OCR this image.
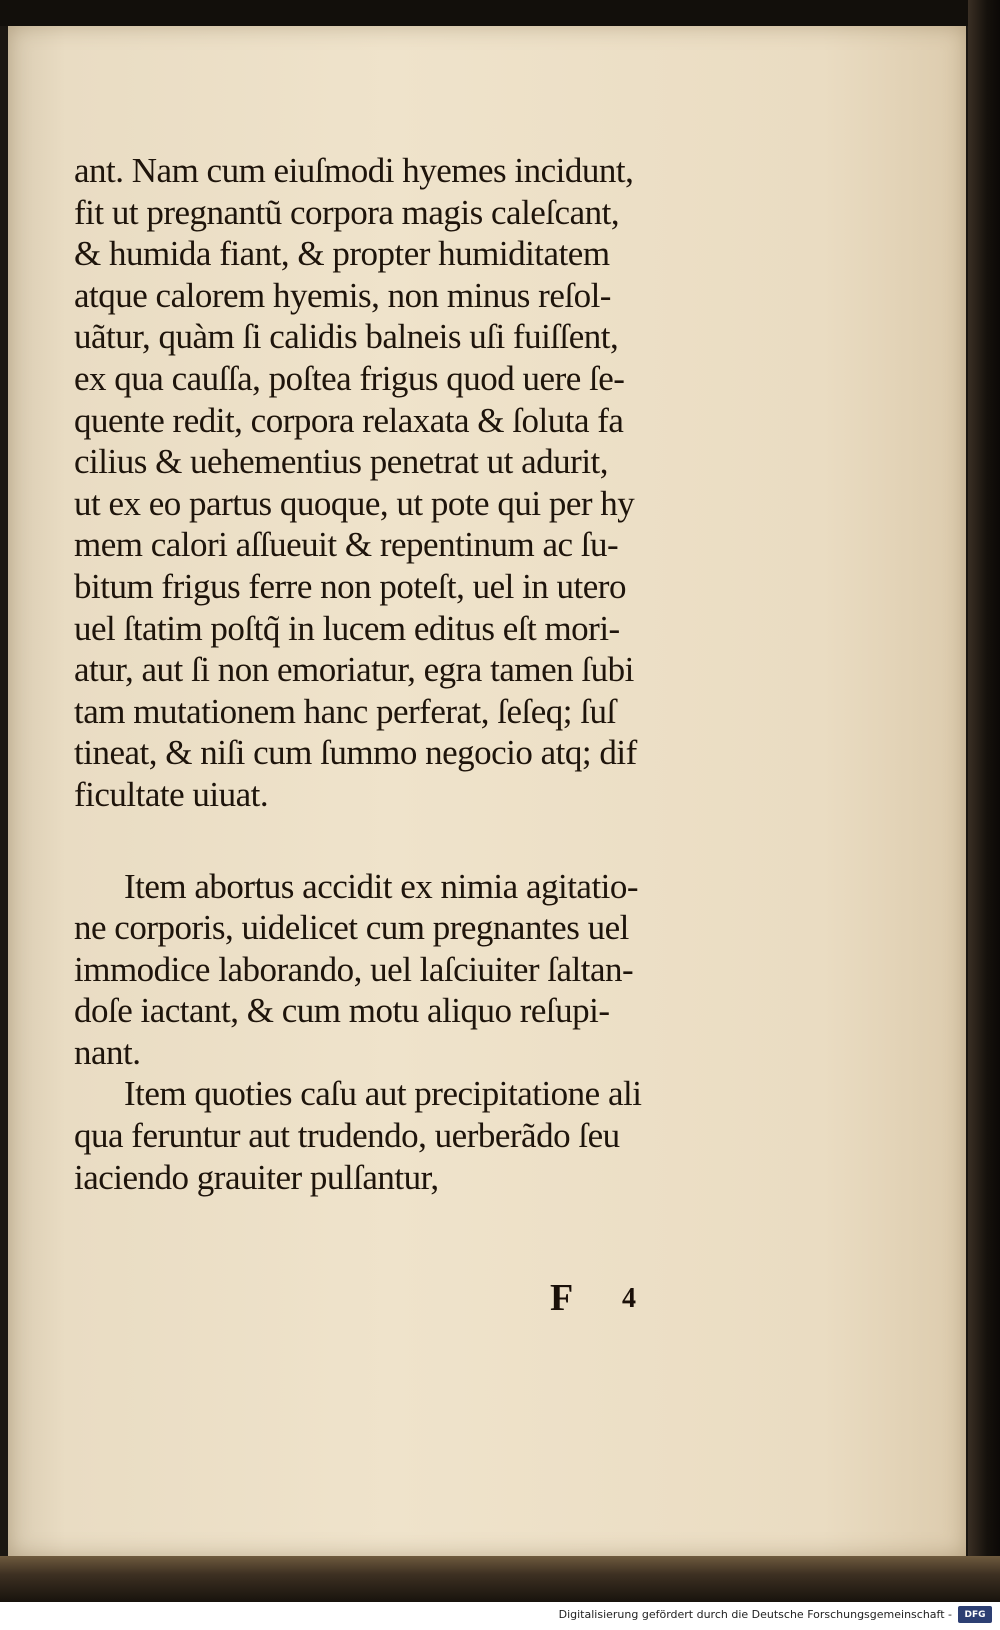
ant. Nam cum eiuſmodi hyemes incidunt,
fit ut pregnantũ corpora magis caleſcant,
& humida fiant, & propter humiditatem
atque calorem hyemis, non minus reſol-
uãtur, quàm ſi calidis balneis uſi fuiſſent,
ex qua cauſſa, poſtea frigus quod uere ſe-
quente redit, corpora relaxata & ſoluta fa
cilius & uehementius penetrat ut adurit,
ut ex eo partus quoque, ut pote qui per hy
mem calori aſſueuit & repentinum ac ſu-
bitum frigus ferre non poteſt, uel in utero
uel ſtatim poſtq̃ in lucem editus eſt mori-
atur, aut ſi non emoriatur, egra tamen ſubi
tam mutationem hanc perferat, ſeſeq; ſuſ
tineat, & niſi cum ſummo negocio atq; dif
ficultate uiuat.
Item abortus accidit ex nimia agitatio-
ne corporis, uidelicet cum pregnantes uel
immodice laborando, uel laſciuiter ſaltan-
doſe iactant, & cum motu aliquo reſupi-
nant.
Item quoties caſu aut precipitatione ali
qua feruntur aut trudendo, uerberãdo ſeu
iaciendo grauiter pulſantur,
F 4
Digitalisierung gefördert durch die Deutsche Forschungsgemeinschaft -	DFG
